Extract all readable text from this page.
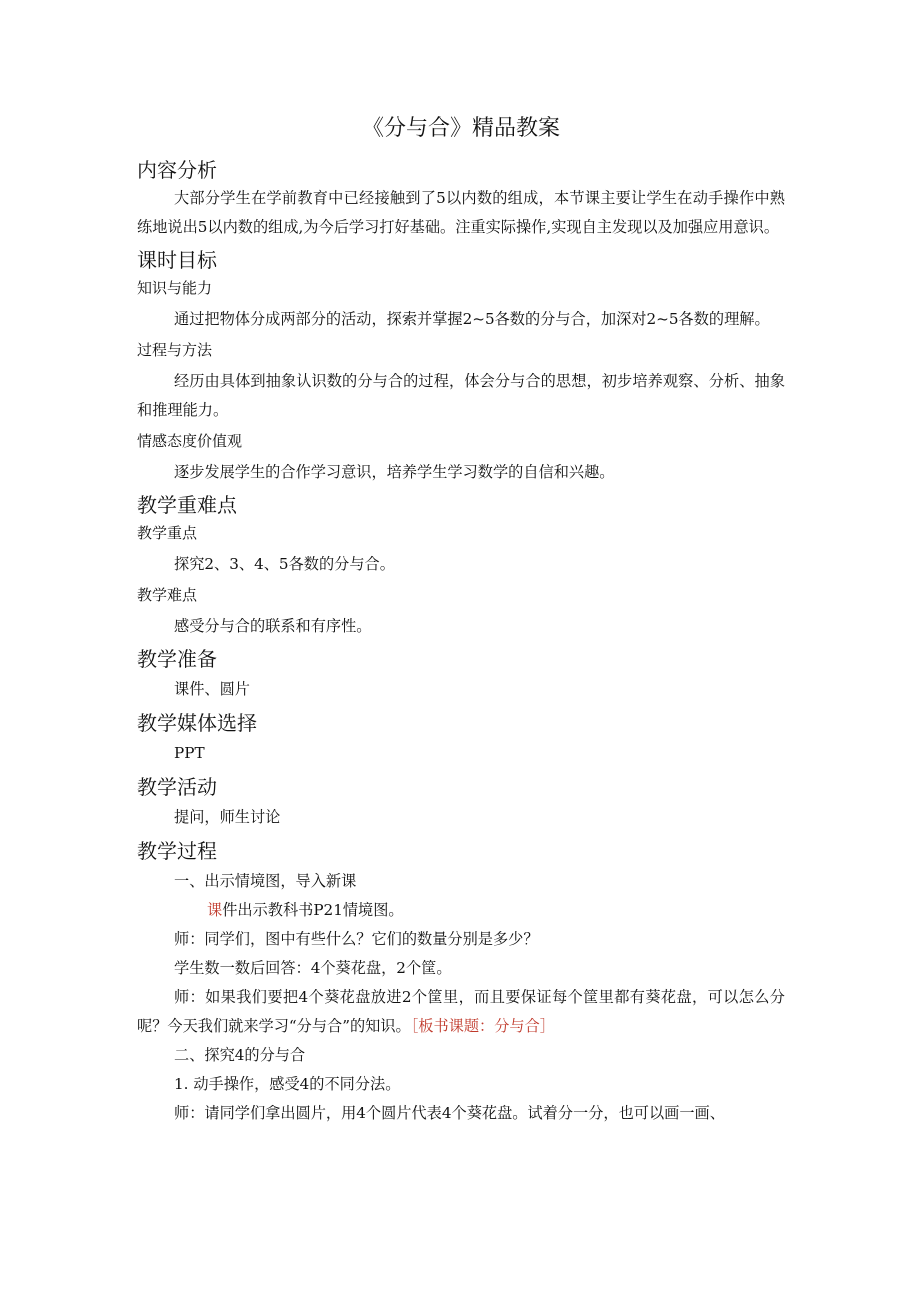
《分与合》精品教案
内容分析

大部分学生在学前教育中已经接触到了5以内数的组成，本节课主要让学生在动手操作中熟练地说出5以内数的组成,为今后学习打好基础。注重实际操作,实现自主发现以及加强应用意识。

课时目标
知识与能力

通过把物体分成两部分的活动，探索并掌握2~5各数的分与合，加深对2~5各数的理解。

过程与方法

经历由具体到抽象认识数的分与合的过程，体会分与合的思想，初步培养观察、分析、抽象和推理能力。

情感态度价值观

逐步发展学生的合作学习意识，培养学生学习数学的自信和兴趣。

教学重难点
教学重点

探究2、3、4、5各数的分与合。

教学难点

感受分与合的联系和有序性。

教学准备

课件、圆片

教学媒体选择

PPT

教学活动

提问，师生讨论

教学过程

一、出示情境图，导入新课

课件出示教科书P21情境图。

师：同学们，图中有些什么？它们的数量分别是多少？

学生数一数后回答：4个葵花盘，2个筐。

师：如果我们要把4个葵花盘放进2个筐里，而且要保证每个筐里都有葵花盘，可以怎么分呢？今天我们就来学习“分与合”的知识。［板书课题：分与合］

二、探究4的分与合

1. 动手操作，感受4的不同分法。

师：请同学们拿出圆片，用4个圆片代表4个葵花盘。试着分一分，也可以画一画、
